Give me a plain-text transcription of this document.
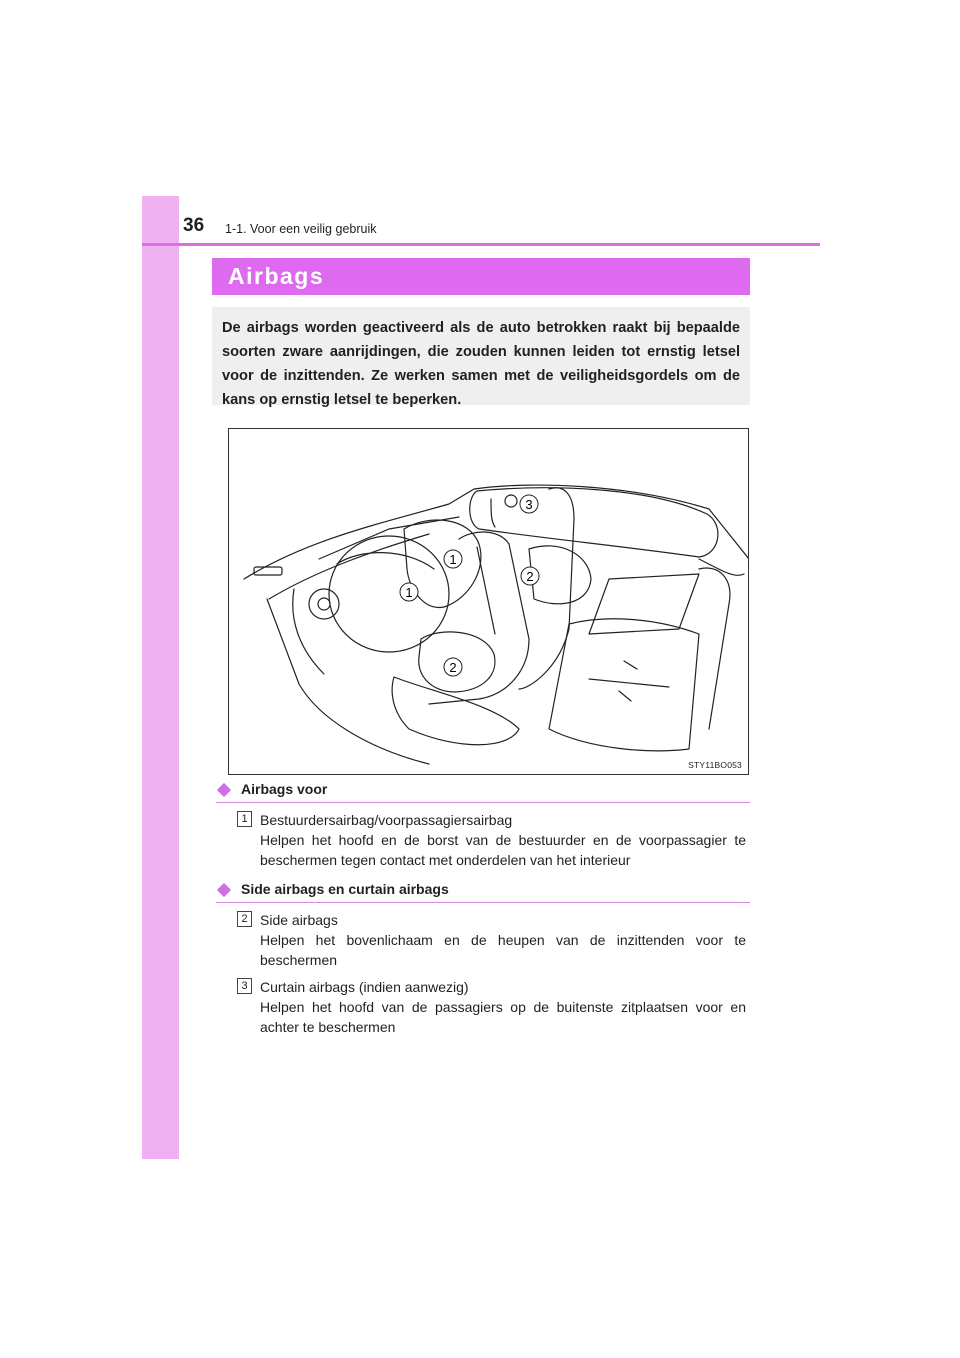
36 1-1. Voor een veilig gebruik
Airbags
De airbags worden geactiveerd als de auto betrokken raakt bij bepaalde soorten zware aanrijdingen, die zouden kunnen leiden tot ernstig letsel voor de inzittenden. Ze werken samen met de veiligheidsgordels om de kans op ernstig letsel te beperken.
1
1
2
2
3
STY11BO053
Airbags voor
1 Bestuurdersairbag/voorpassagiersairbag
Helpen het hoofd en de borst van de bestuurder en de voorpassagier te beschermen tegen contact met onderdelen van het interieur
Side airbags en curtain airbags
2 Side airbags
Helpen het bovenlichaam en de heupen van de inzittenden voor te beschermen
3 Curtain airbags (indien aanwezig)
Helpen het hoofd van de passagiers op de buitenste zitplaatsen voor en achter te beschermen
